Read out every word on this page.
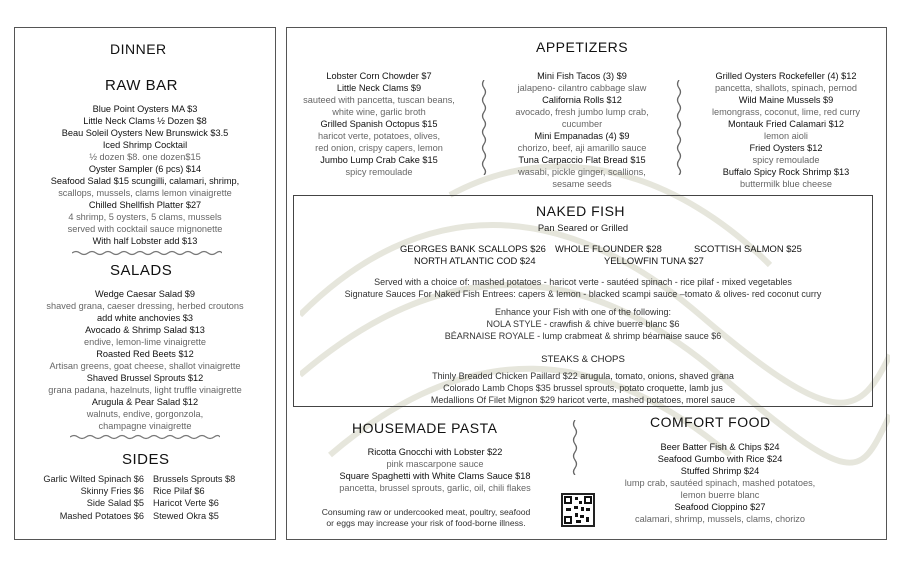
DINNER
RAW BAR
Blue Point Oysters MA $3
Little Neck Clams ½ Dozen $8
Beau Soleil Oysters New Brunswick $3.5
Iced Shrimp Cocktail
½ dozen $8. one dozen$15
Oyster Sampler (6 pcs) $14
Seafood Salad $15 scungilli, calamari, shrimp,
scallops, mussels, clams lemon vinaigrette
Chilled Shellfish Platter $27
4 shrimp, 5 oysters, 5 clams, mussels
served with cocktail sauce mignonette
With half Lobster add $13
SALADS
Wedge Caesar Salad $9
shaved grana, caeser dressing, herbed croutons
add white anchovies $3
Avocado & Shrimp Salad $13
endive, lemon-lime vinaigrette
Roasted Red Beets $12
Artisan greens, goat cheese, shallot vinaigrette
Shaved Brussel Sprouts $12
grana padana, hazelnuts, light truffle vinaigrette
Arugula & Pear Salad $12
walnuts, endive, gorgonzola,
champagne vinaigrette
SIDES
Garlic Wilted Spinach $6
Skinny Fries $6
Side Salad $5
Mashed Potatoes $6
Brussels Sprouts $8
Rice Pilaf $6
Haricot Verte $6
Stewed Okra $5
APPETIZERS
Lobster Corn Chowder $7
Little Neck Clams $9
sauteed with pancetta, tuscan beans,
white wine, garlic broth
Grilled Spanish Octopus $15
haricot verte, potatoes, olives,
red onion, crispy capers, lemon
Jumbo Lump Crab Cake $15
spicy remoulade
Mini Fish Tacos (3) $9
jalapeno- cilantro cabbage slaw
California Rolls $12
avocado, fresh jumbo lump crab,
cucumber
Mini Empanadas (4) $9
chorizo, beef, aji amarillo sauce
Tuna Carpaccio Flat Bread $15
wasabi, pickle ginger, scallions,
sesame seeds
Grilled Oysters Rockefeller (4) $12
pancetta, shallots, spinach, pernod
Wild Maine Mussels $9
lemongrass, coconut, lime, red curry
Montauk Fried Calamari $12
lemon aioli
Fried Oysters $12
spicy remoulade
Buffalo Spicy Rock Shrimp $13
buttermilk blue cheese
NAKED FISH
Pan Seared or Grilled
GEORGES BANK SCALLOPS $26 WHOLE FLOUNDER $28	SCOTTISH SALMON $25
NORTH ATLANTIC COD $24	YELLOWFIN TUNA $27
Served with a choice of: mashed potatoes - haricot verte - sautéed spinach - rice pilaf - mixed vegetables
Signature Sauces For Naked Fish Entrees: capers & lemon - blacked scampi sauce –tomato & olives- red coconut curry
Enhance your Fish with one of the following:
NOLA STYLE - crawfish & chive buerre blanc $6
BÉARNAISE ROYALE - lump crabmeat & shrimp béarnaise sauce $6
STEAKS & CHOPS
Thinly Breaded Chicken Paillard $22 arugula, tomato, onions, shaved grana
Colorado Lamb Chops $35 brussel sprouts, potato croquette, lamb jus
Medallions Of Filet Mignon $29 haricot verte, mashed potatoes, morel sauce
HOUSEMADE PASTA
Ricotta Gnocchi with Lobster $22
pink mascarpone sauce
Square Spaghetti with White Clams Sauce $18
pancetta, brussel sprouts, garlic, oil, chili flakes
Consuming raw or undercooked meat, poultry, seafood
or eggs may increase your risk of food-borne illness.
COMFORT FOOD
Beer Batter Fish & Chips $24
Seafood Gumbo with Rice $24
Stuffed Shrimp $24
lump crab, sautéed spinach, mashed potatoes,
lemon buerre blanc
Seafood Cioppino $27
calamari, shrimp, mussels, clams, chorizo
